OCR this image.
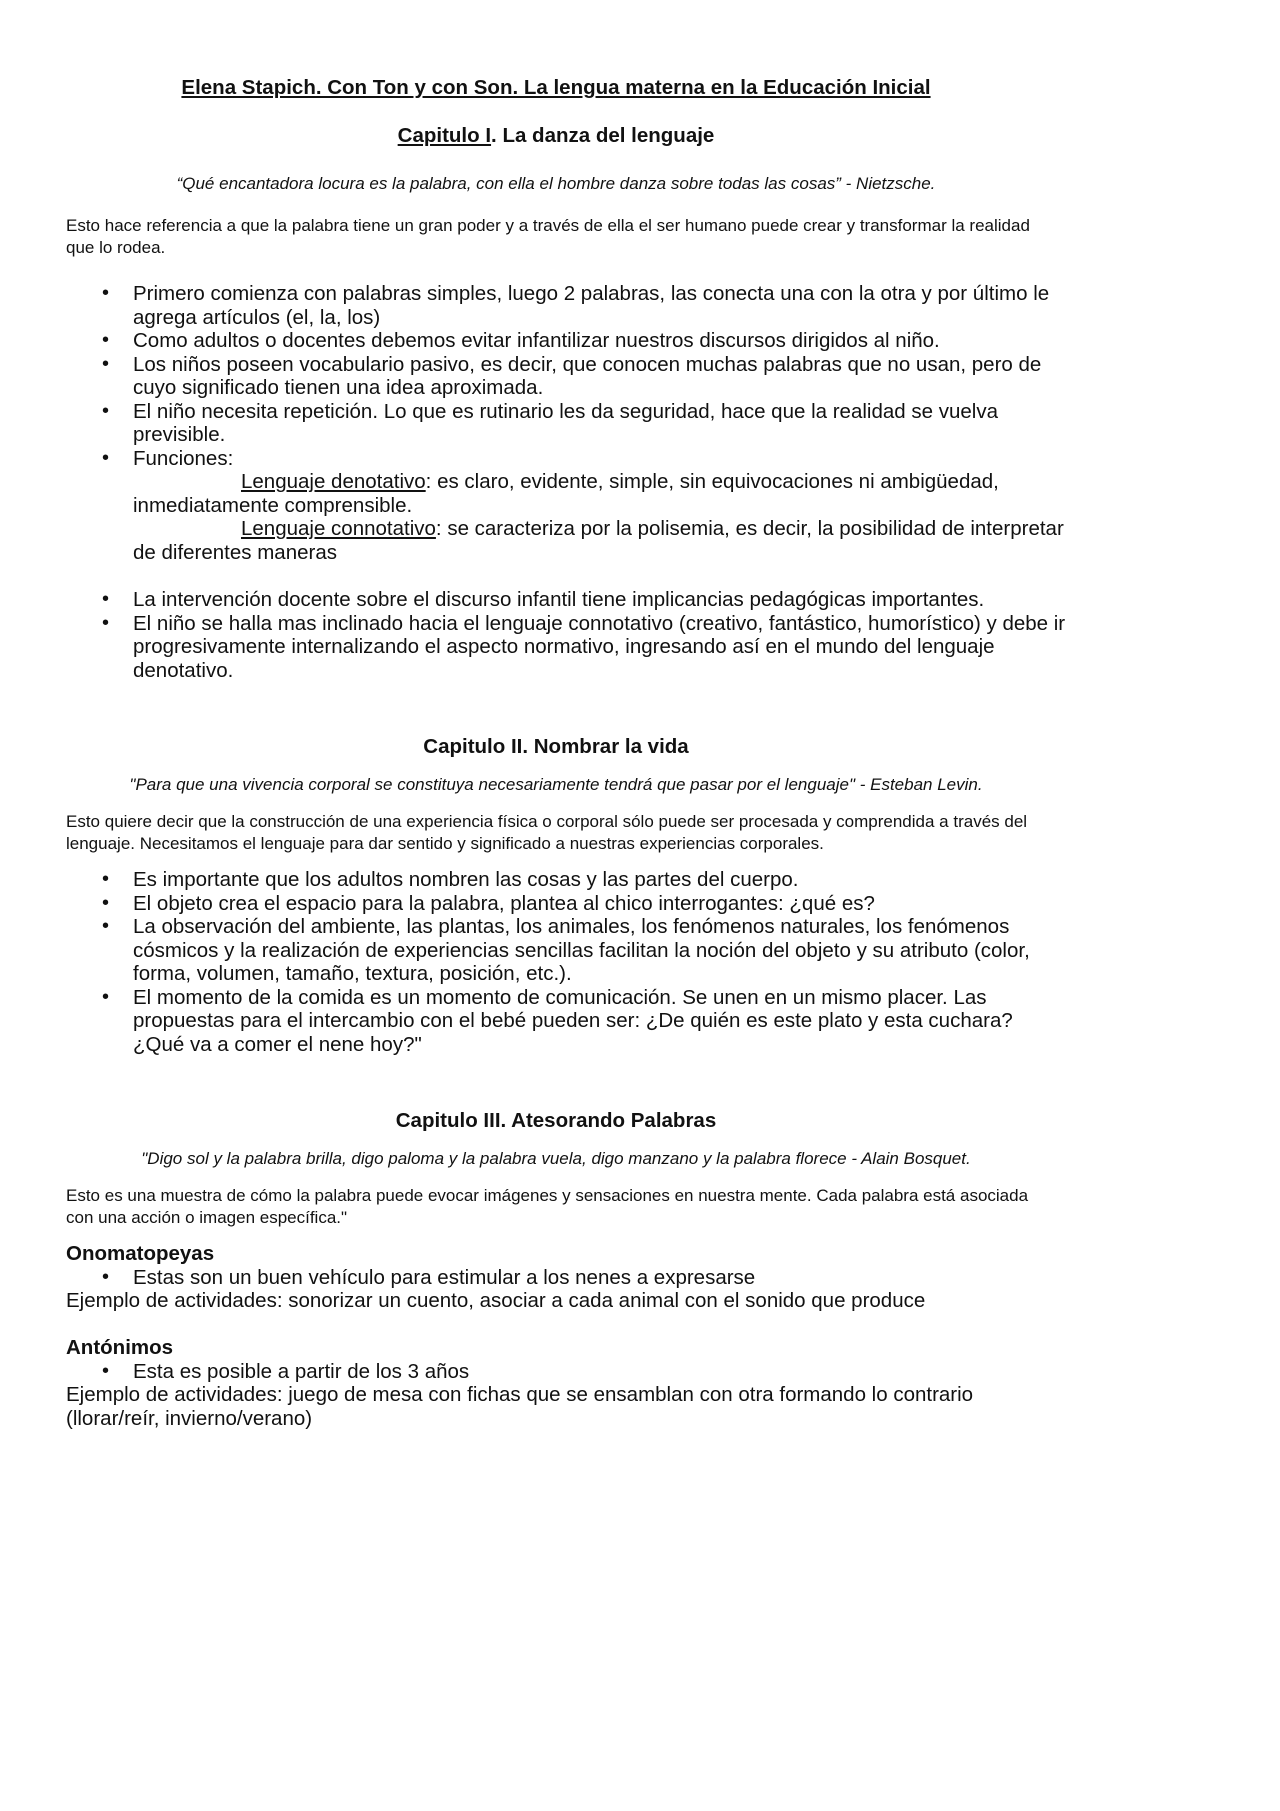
Elena Stapich. Con Ton y con Son. La lengua materna en la Educación Inicial
Capitulo I. La danza del lenguaje
“Qué encantadora locura es la palabra, con ella el hombre danza sobre todas las cosas” - Nietzsche.
Esto hace referencia a que la palabra tiene un gran poder y a través de ella el ser humano puede crear y transformar la realidad que lo rodea.
• Primero comienza con palabras simples, luego 2 palabras, las conecta una con la otra y por último le agrega artículos (el, la, los)
• Como adultos o docentes debemos evitar infantilizar nuestros discursos dirigidos al niño.
• Los niños poseen vocabulario pasivo, es decir, que conocen muchas palabras que no usan, pero de cuyo significado tienen una idea aproximada.
• El niño necesita repetición. Lo que es rutinario les da seguridad, hace que la realidad se vuelva previsible.
• Funciones:
Lenguaje denotativo: es claro, evidente, simple, sin equivocaciones ni ambigüedad, inmediatamente comprensible.
Lenguaje connotativo: se caracteriza por la polisemia, es decir, la posibilidad de interpretar de diferentes maneras
• La intervención docente sobre el discurso infantil tiene implicancias pedagógicas importantes.
• El niño se halla mas inclinado hacia el lenguaje connotativo (creativo, fantástico, humorístico) y debe ir progresivamente internalizando el aspecto normativo, ingresando así en el mundo del lenguaje denotativo.
Capitulo II. Nombrar la vida
"Para que una vivencia corporal se constituya necesariamente tendrá que pasar por el lenguaje" - Esteban Levin.
Esto quiere decir que la construcción de una experiencia física o corporal sólo puede ser procesada y comprendida a través del lenguaje. Necesitamos el lenguaje para dar sentido y significado a nuestras experiencias corporales.
• Es importante que los adultos nombren las cosas y las partes del cuerpo.
• El objeto crea el espacio para la palabra, plantea al chico interrogantes: ¿qué es?
• La observación del ambiente, las plantas, los animales, los fenómenos naturales, los fenómenos cósmicos y la realización de experiencias sencillas facilitan la noción del objeto y su atributo (color, forma, volumen, tamaño, textura, posición, etc.).
• El momento de la comida es un momento de comunicación. Se unen en un mismo placer. Las propuestas para el intercambio con el bebé pueden ser: ¿De quién es este plato y esta cuchara? ¿Qué va a comer el nene hoy?"
Capitulo III. Atesorando Palabras
"Digo sol y la palabra brilla, digo paloma y la palabra vuela, digo manzano y la palabra florece - Alain Bosquet.
Esto es una muestra de cómo la palabra puede evocar imágenes y sensaciones en nuestra mente. Cada palabra está asociada con una acción o imagen específica."
Onomatopeyas
• Estas son un buen vehículo para estimular a los nenes a expresarse
Ejemplo de actividades: sonorizar un cuento, asociar a cada animal con el sonido que produce
Antónimos
• Esta es posible a partir de los 3 años
Ejemplo de actividades: juego de mesa con fichas que se ensamblan con otra formando lo contrario (llorar/reír, invierno/verano)
